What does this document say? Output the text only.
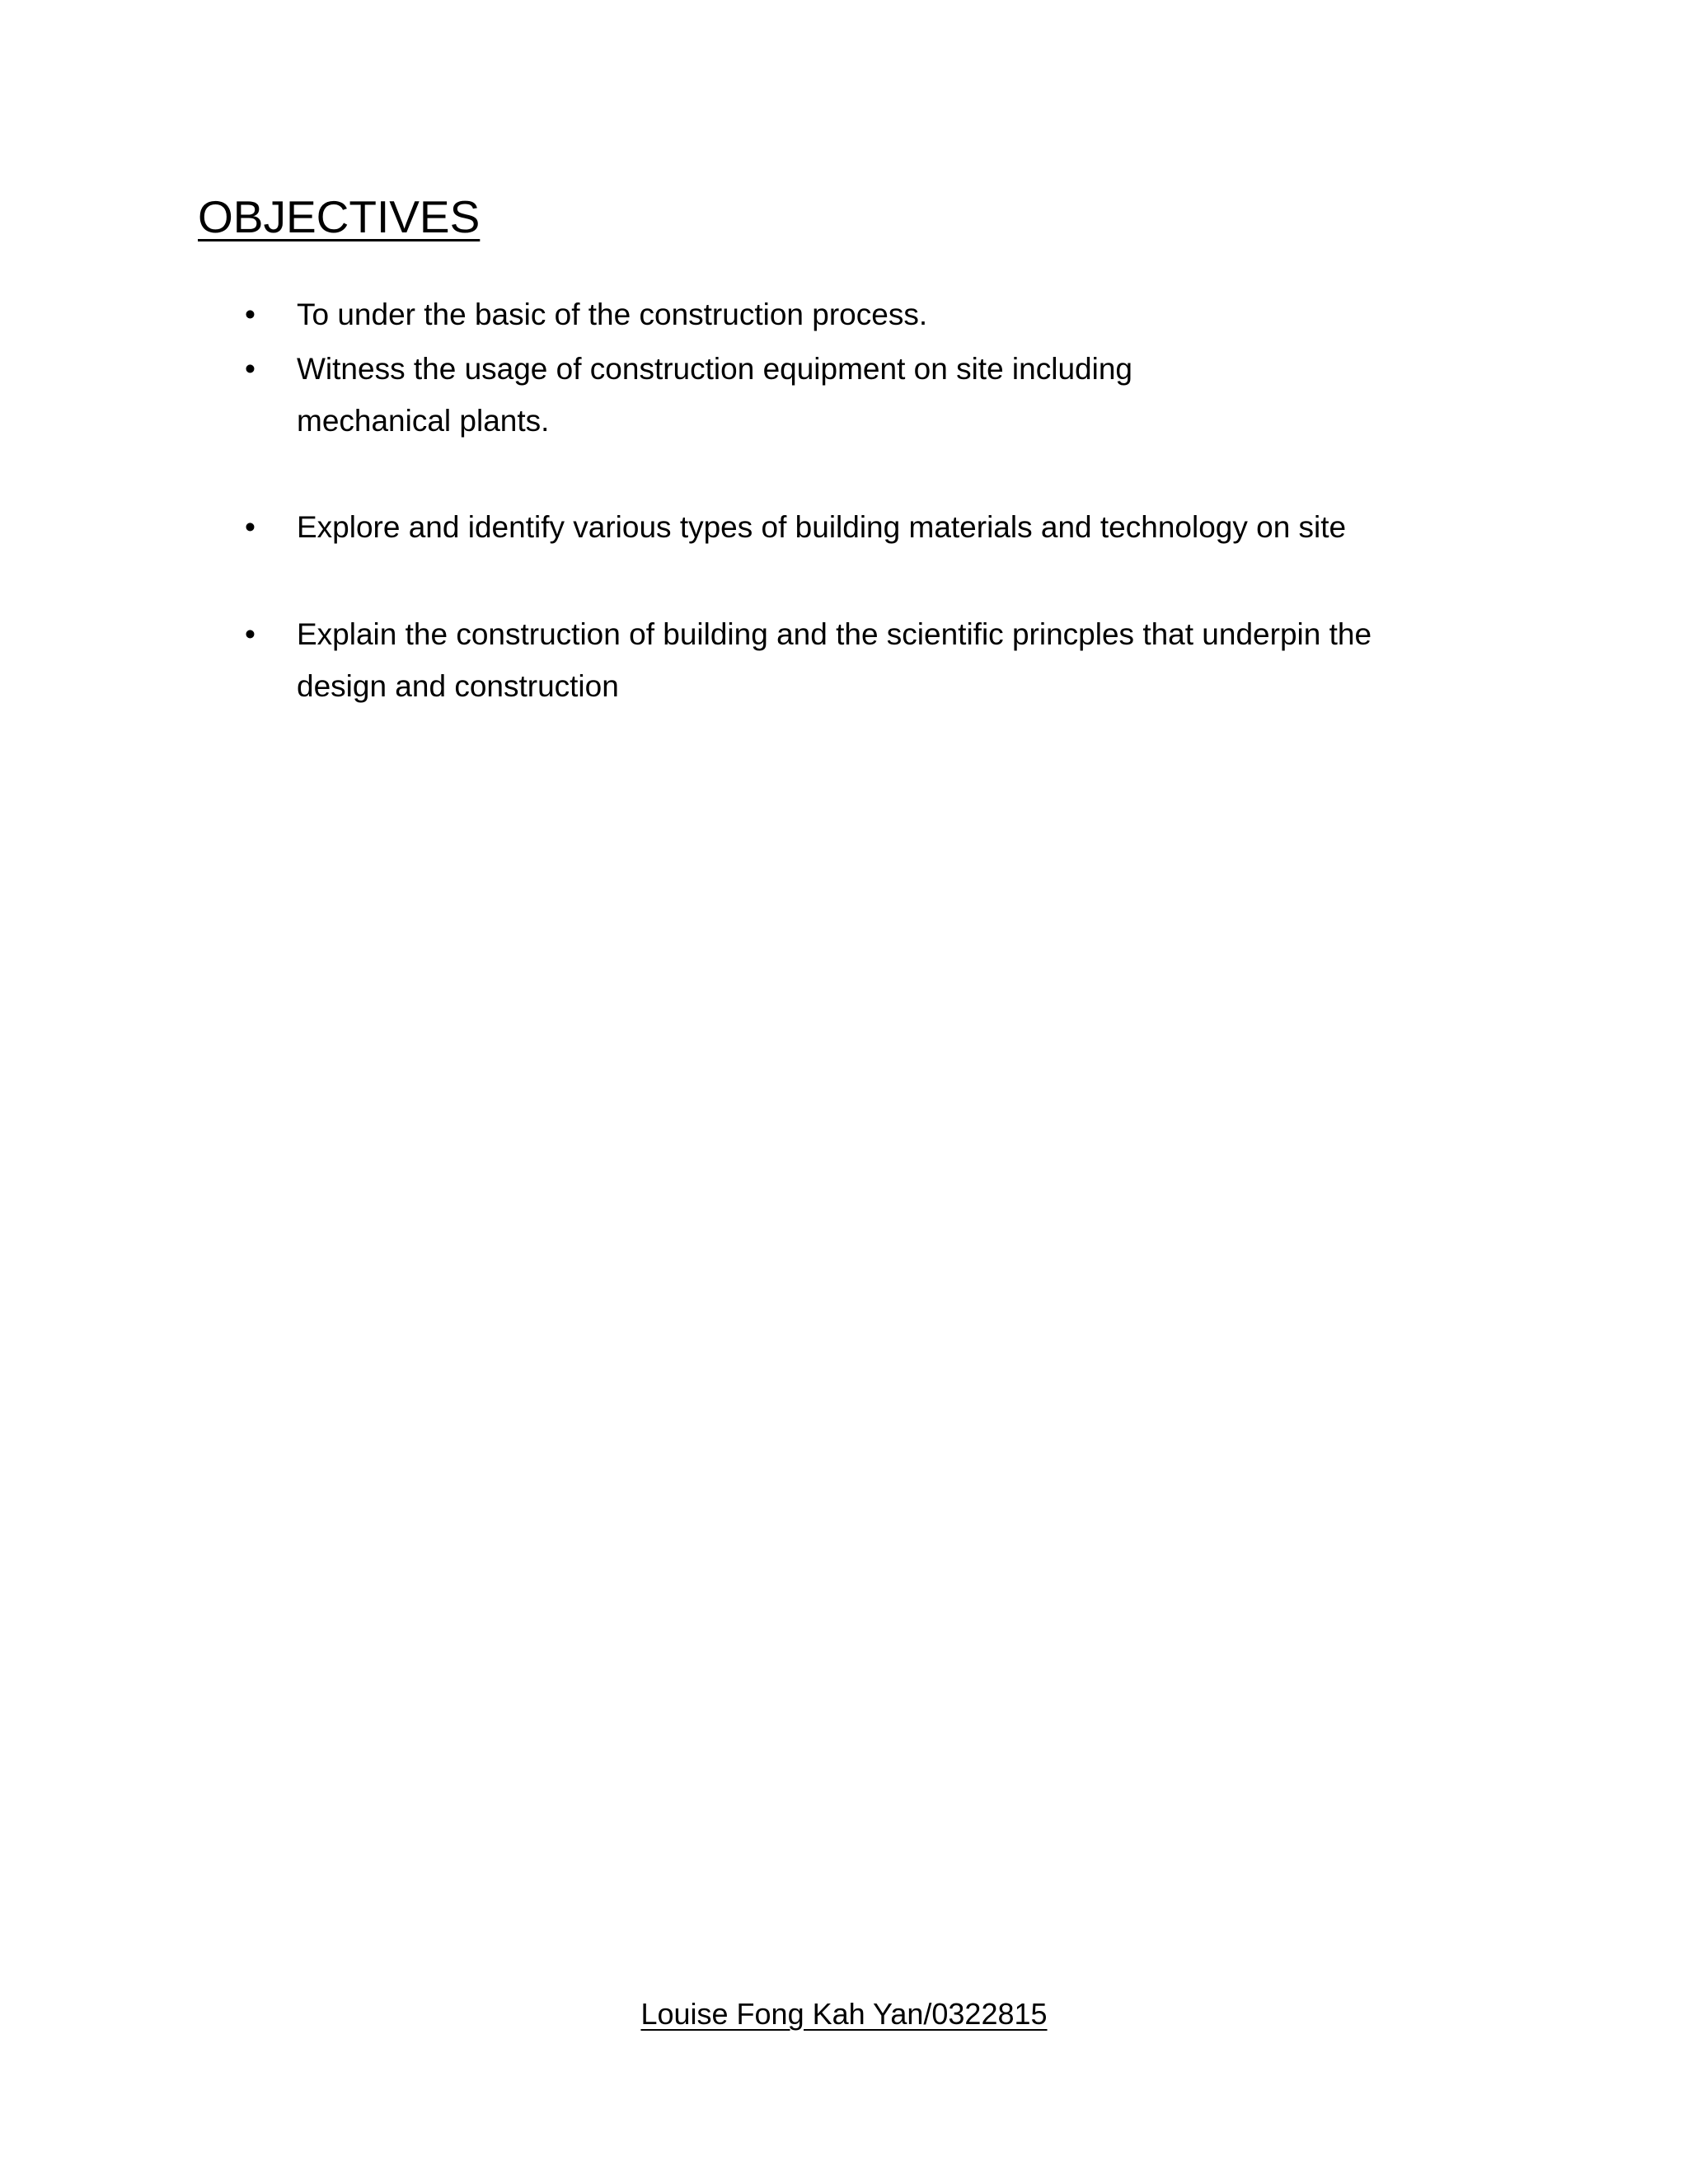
OBJECTIVES
• To under the basic of the construction process.
• Witness the usage of construction equipment on site including mechanical plants.
• Explore and identify various types of building materials and technology on site
• Explain the construction of building and the scientific princples that underpin the design and construction
Louise Fong Kah Yan/0322815
